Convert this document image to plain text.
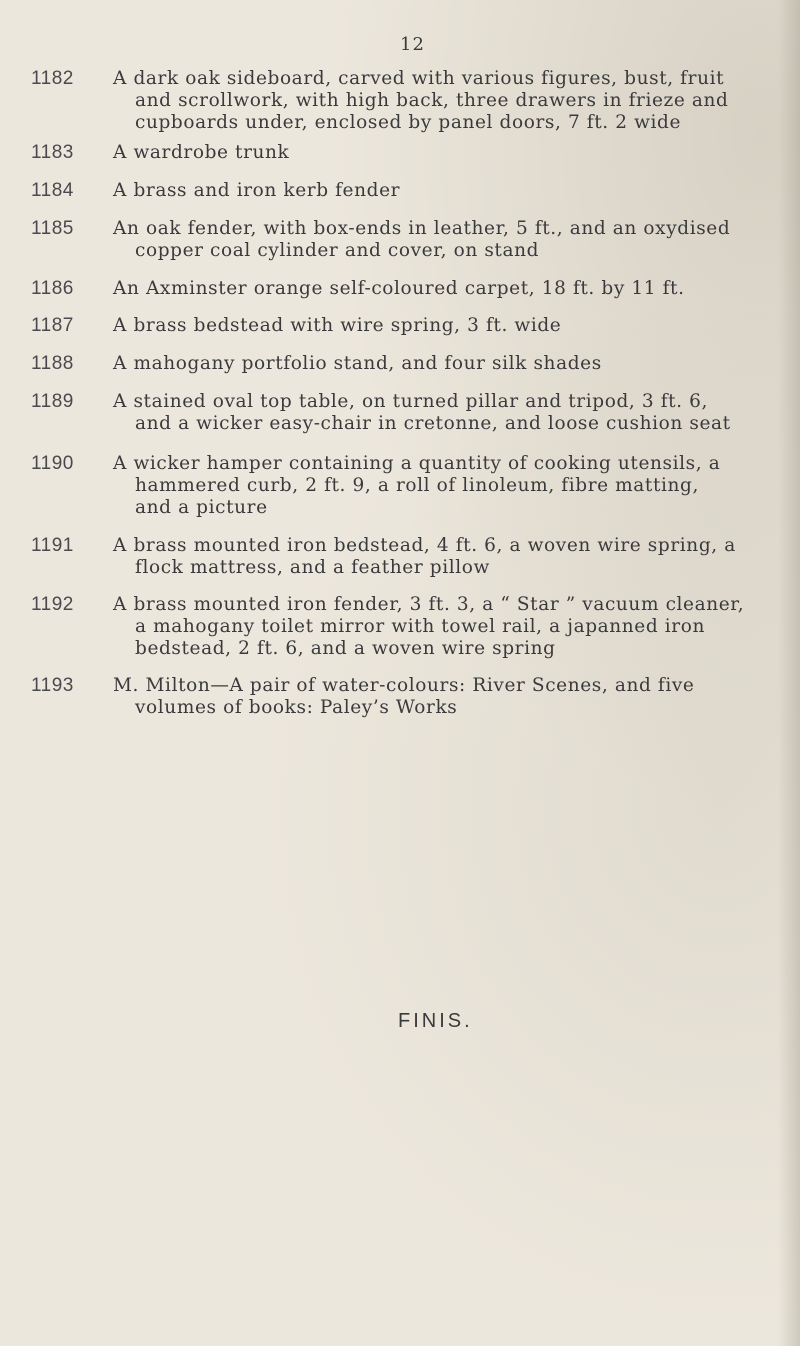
12
1182 A dark oak sideboard, carved with various figures, bust, fruit
and scrollwork, with high back, three drawers in frieze and
cupboards under, enclosed by panel doors, 7 ft. 2 wide
1183 A wardrobe trunk
1184 A brass and iron kerb fender
1185 An oak fender, with box-ends in leather, 5 ft., and an oxydised
copper coal cylinder and cover, on stand
1186 An Axminster orange self-coloured carpet, 18 ft. by 11 ft.
1187 A brass bedstead with wire spring, 3 ft. wide
1188 A mahogany portfolio stand, and four silk shades
1189 A stained oval top table, on turned pillar and tripod, 3 ft. 6,
and a wicker easy-chair in cretonne, and loose cushion seat
1190 A wicker hamper containing a quantity of cooking utensils, a
hammered curb, 2 ft. 9, a roll of linoleum, fibre matting,
and a picture
1191 A brass mounted iron bedstead, 4 ft. 6, a woven wire spring, a
flock mattress, and a feather pillow
1192 A brass mounted iron fender, 3 ft. 3, a “ Star ” vacuum cleaner,
a mahogany toilet mirror with towel rail, a japanned iron
bedstead, 2 ft. 6, and a woven wire spring
1193 M. Milton—A pair of water-colours: River Scenes, and five
volumes of books: Paley’s Works
FINIS.
